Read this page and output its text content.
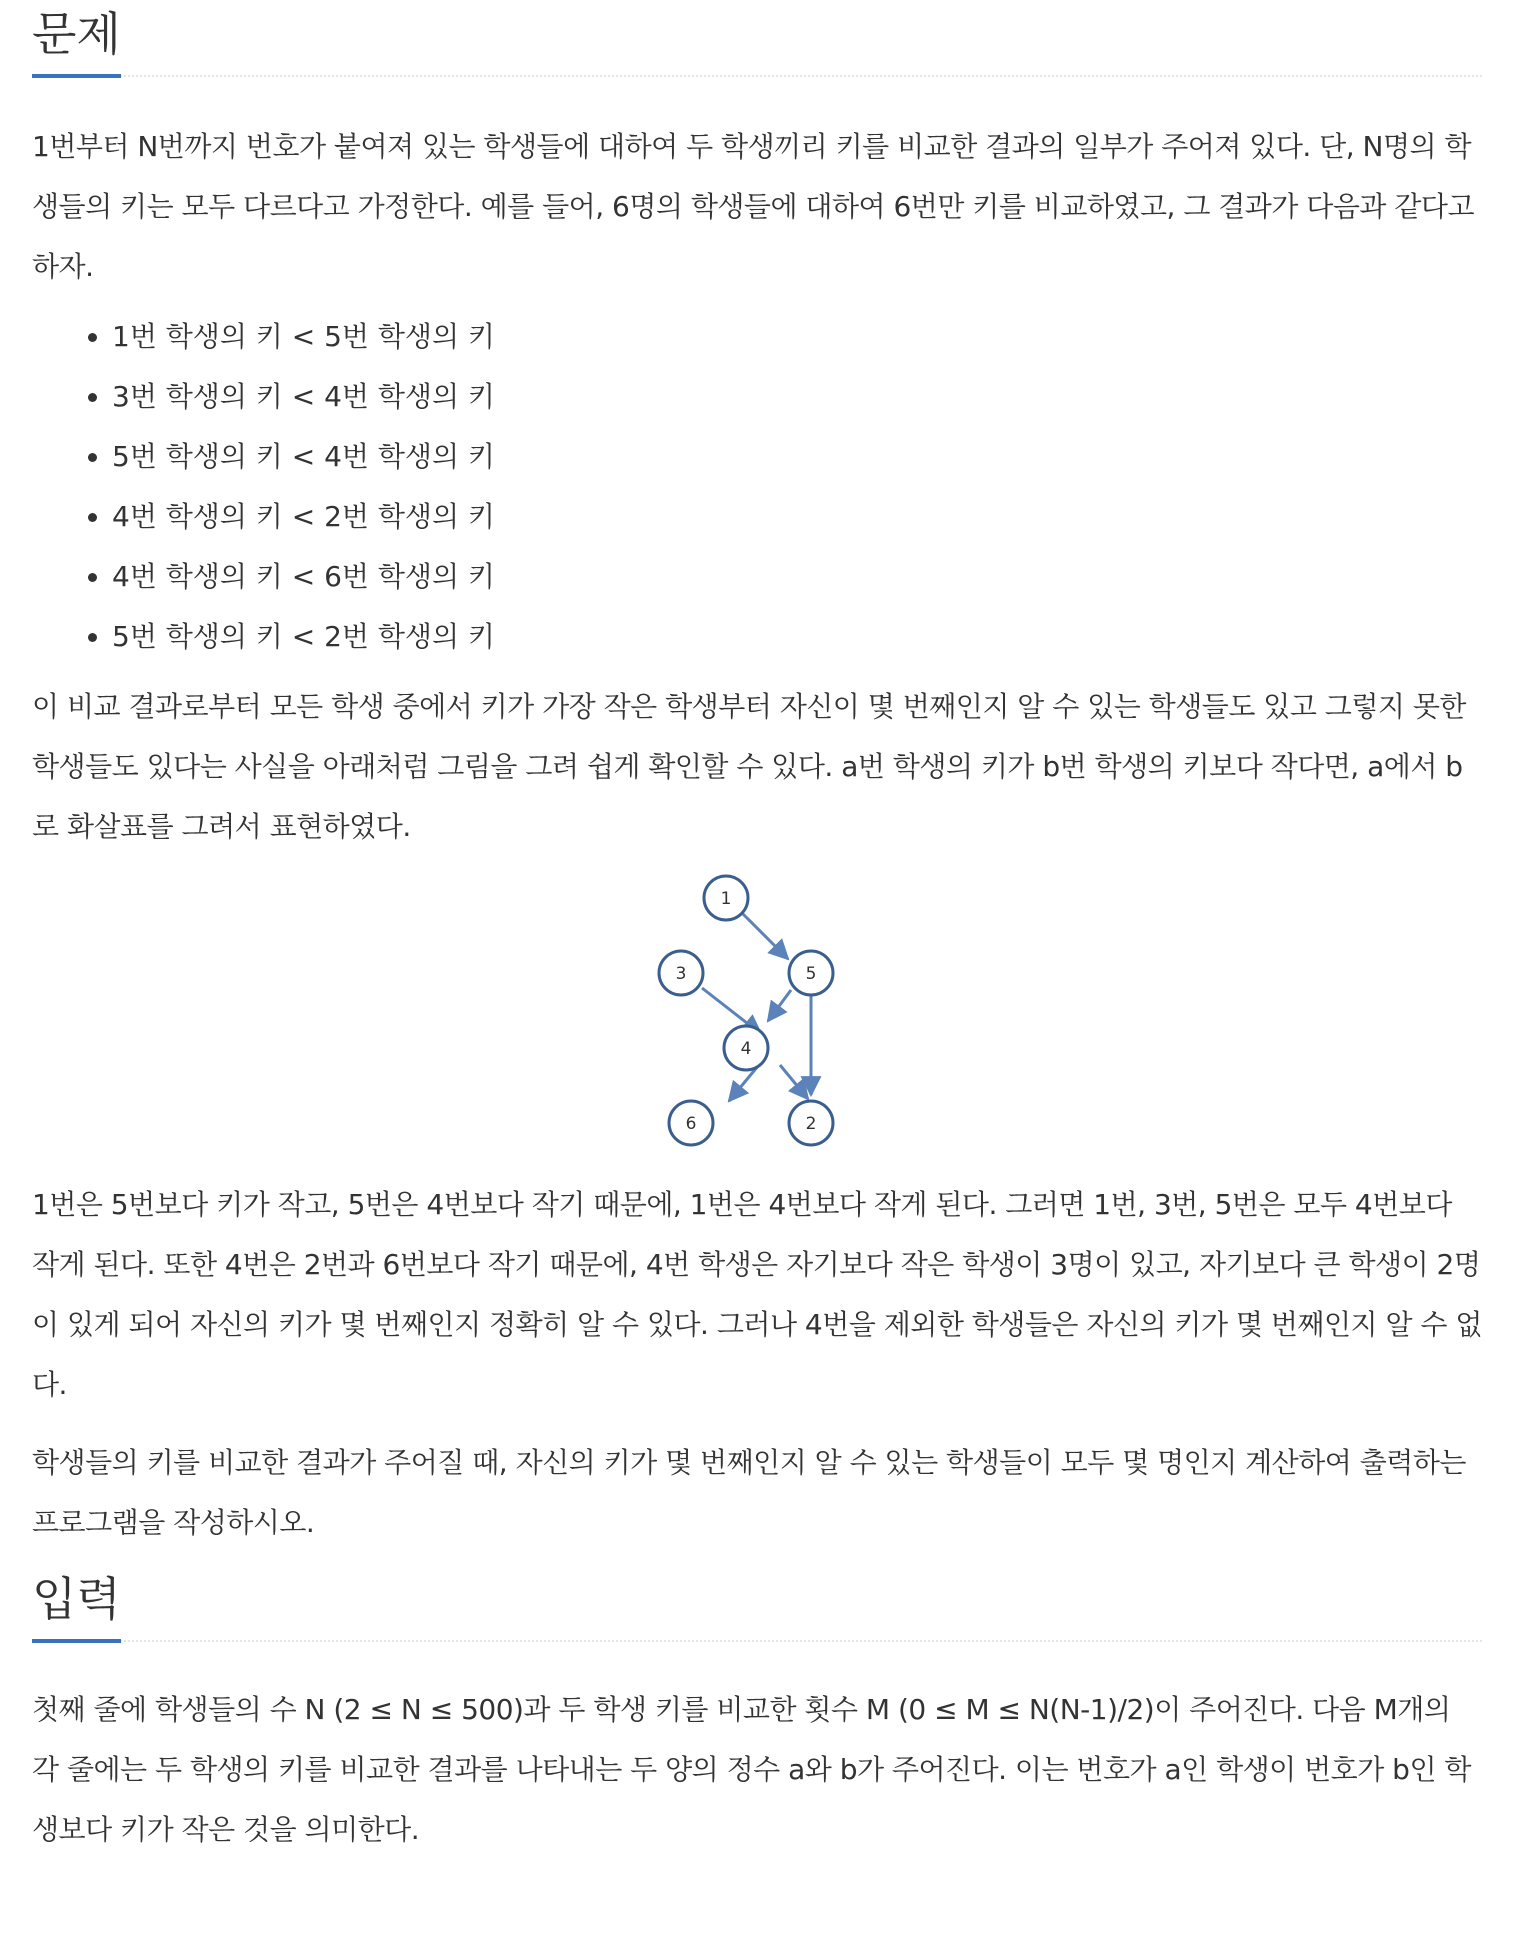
문제

1번부터 N번까지 번호가 붙여져 있는 학생들에 대하여 두 학생끼리 키를 비교한 결과의 일부가 주어져 있다. 단, N명의 학생들의 키는 모두 다르다고 가정한다. 예를 들어, 6명의 학생들에 대하여 6번만 키를 비교하였고, 그 결과가 다음과 같다고 하자.

• 1번 학생의 키 < 5번 학생의 키
• 3번 학생의 키 < 4번 학생의 키
• 5번 학생의 키 < 4번 학생의 키
• 4번 학생의 키 < 2번 학생의 키
• 4번 학생의 키 < 6번 학생의 키
• 5번 학생의 키 < 2번 학생의 키

이 비교 결과로부터 모든 학생 중에서 키가 가장 작은 학생부터 자신이 몇 번째인지 알 수 있는 학생들도 있고 그렇지 못한 학생들도 있다는 사실을 아래처럼 그림을 그려 쉽게 확인할 수 있다. a번 학생의 키가 b번 학생의 키보다 작다면, a에서 b로 화살표를 그려서 표현하였다.

1
3	5
4
6	2

1번은 5번보다 키가 작고, 5번은 4번보다 작기 때문에, 1번은 4번보다 작게 된다. 그러면 1번, 3번, 5번은 모두 4번보다 작게 된다. 또한 4번은 2번과 6번보다 작기 때문에, 4번 학생은 자기보다 작은 학생이 3명이 있고, 자기보다 큰 학생이 2명이 있게 되어 자신의 키가 몇 번째인지 정확히 알 수 있다. 그러나 4번을 제외한 학생들은 자신의 키가 몇 번째인지 알 수 없다.

학생들의 키를 비교한 결과가 주어질 때, 자신의 키가 몇 번째인지 알 수 있는 학생들이 모두 몇 명인지 계산하여 출력하는 프로그램을 작성하시오.

입력

첫째 줄에 학생들의 수 N (2 ≤ N ≤ 500)과 두 학생 키를 비교한 횟수 M (0 ≤ M ≤ N(N-1)/2)이 주어진다. 다음 M개의 각 줄에는 두 학생의 키를 비교한 결과를 나타내는 두 양의 정수 a와 b가 주어진다. 이는 번호가 a인 학생이 번호가 b인 학생보다 키가 작은 것을 의미한다.
